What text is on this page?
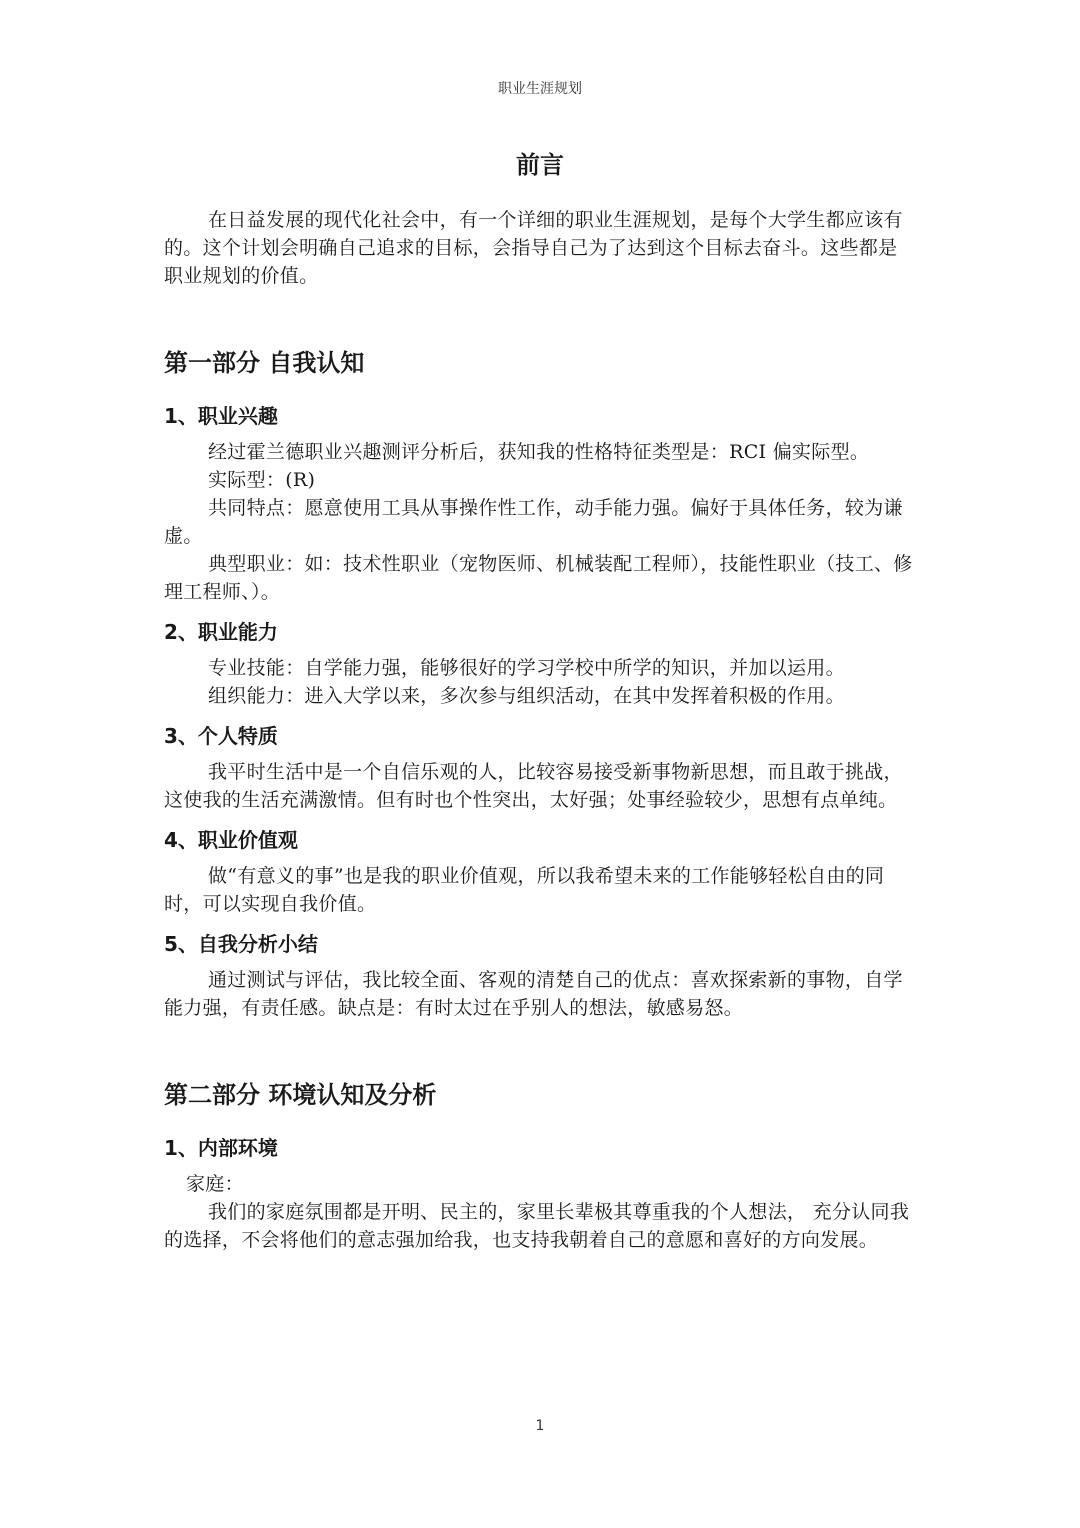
职业生涯规划
前言

在日益发展的现代化社会中，有一个详细的职业生涯规划，是每个大学生都应该有的。这个计划会明确自己追求的目标，会指导自己为了达到这个目标去奋斗。这些都是职业规划的价值。

第一部分 自我认知
1、职业兴趣

经过霍兰德职业兴趣测评分析后，获知我的性格特征类型是：RCI 偏实际型。

实际型：(R)

共同特点：愿意使用工具从事操作性工作，动手能力强。偏好于具体任务，较为谦虚。

典型职业：如：技术性职业（宠物医师、机械装配工程师），技能性职业（技工、修理工程师、）。

2、职业能力

专业技能：自学能力强，能够很好的学习学校中所学的知识，并加以运用。

组织能力：进入大学以来，多次参与组织活动，在其中发挥着积极的作用。

3、个人特质

我平时生活中是一个自信乐观的人，比较容易接受新事物新思想，而且敢于挑战，这使我的生活充满激情。但有时也个性突出，太好强；处事经验较少，思想有点单纯。

4、职业价值观

做“有意义的事”也是我的职业价值观，所以我希望未来的工作能够轻松自由的同时，可以实现自我价值。

5、自我分析小结

通过测试与评估，我比较全面、客观的清楚自己的优点：喜欢探索新的事物，自学能力强，有责任感。缺点是：有时太过在乎别人的想法，敏感易怒。

第二部分 环境认知及分析
1、内部环境

家庭：

我们的家庭氛围都是开明、民主的，家里长辈极其尊重我的个人想法， 充分认同我的选择，不会将他们的意志强加给我，也支持我朝着自己的意愿和喜好的方向发展。

1
